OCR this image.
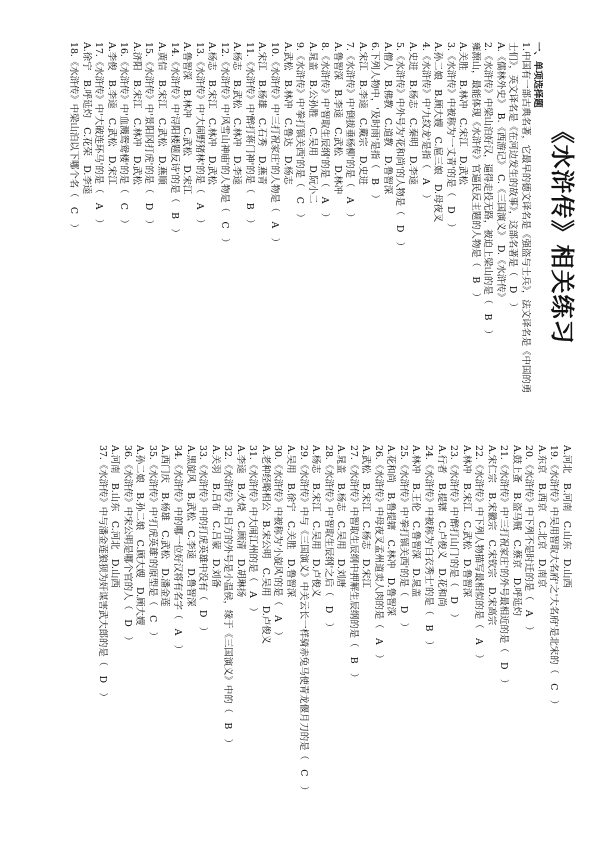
《水浒传》相关练习
一、单项选择题
1.中国有一部古典名著，它最早的德文译名是《强盗与士兵》，法文译名是《中国的勇
士们》，英文译名是《在河边发生的故事》，这部名著是（　D　）
A.《儒林外史》　B.《西游记》　C.《三国演义》　D.《水浒传》
2.《水浒传》中梁山泊好汉，逼得走投无路，被迫上梁山的是（　B　）
雍源山，最能体现《水浒传》官逼民反主题的人物是（　B　）
A.关胜　B.林冲　C.宋江　D.武松
3.《水浒传》中被称为'一丈青'的是（　D　）
A.孙二娘　B.顾大嫂　C.扈三娘　D.母夜叉
4.《水浒传》中'九纹龙'是指（　A　）
A.史进　B.杨志　C.秦明　D.李逵
5.《水浒传》中外号为'花和尚'的人物是（　D　）
A.僧人　B.佛教　C.道教　D.鲁智深
6.下列人物中，'及时雨'是指（　B　）
A.宋江　B.李逵　C.戴宗　D.史进
7.《水浒传》中'倒拔垂杨柳'的是（　A　）
A.鲁智深　B.李逵　C.武松　D.林冲
8.《水浒传》中'智取生辰纲'的是（　A　）
A.晁盖　B.公孙胜　C.吴用　D.阮小二
9.《水浒传》中'拳打镇关西'的是（　C　）
A.武松　B.林冲　C.鲁达　D.杨志
10.《水浒传》中'三打祝家庄'的人物是（　A　）
A.宋江　B.杨雄　C.石秀　D.燕青
11.《水浒传》中'醉打蒋门神'的是（　B　）
A.杨志　B.武松　C.林冲　D.李逵
12.《水浒传》中'风雪山神庙'的人物是（　C　）
A.杨志　B.宋江　C.林冲　D.武松
13.《水浒传》中'大闹野猪林'的是（　A　）
A.鲁智深　B.林冲　C.武松　D.宋江
14.《水浒传》中'浔阳楼题反诗'的是（　B　）
A.黄信　B.宋江　C.武松　D.燕顺
15.《水浒传》中'景阳冈打虎'的是（　D　）
A.济阳　B.宋江　C.林冲　D.武松
16.《水浒传》中'血溅鸳鸯楼'的是（　C　）
A.李俊　B.李逵　C.武松　D.宋江
17.《水浒传》中'大破连环马'的是（　A　）
A.徐宁　B.呼延灼　C.花荣　D.李逵
18.《水浒传》中梁山泊以下哪个名（　C　）
A.河北　B.河南　C.山东　D.山西
19.《水浒传》中吴用智取大名府'之'大名府'是北宋的（　C　）
A.东京　B.西京　C.北京　D.南京
20.《水浒传》中下列不是时迁的是（　A　）
A.鼓上蚤　B.盗马贼　C.蔡京　D.呼延灼
21.《水浒传》中'三打祝家庄'的外号最相近的是（　D　）
A.宋仁宗　B.宋徽宗　C.宋钦宗　D.宋高宗
22.《水浒传》中下列人物描写最相似的是（　A　）
A.林冲　B.宋江　C.武松　D.鲁智深
23.《水浒传》中'醉打山门'的是（　D　）
A.行者　B.提辖　C.卢俊义　D.花和尚
24.《水浒传》中被称为'白衣秀士'的是（　B　）
A.林冲　B.王伦　C.鲁智深　D.晁盖
25.《水浒传》中'拳打镇关西'的是（　D　）
A.花和尚　B.鲁提辖　C.林冲　D.鲁智深
26.《水浒传》中母夜叉孟州道卖人肉的是（　A　）
A.武松　B.宋江　C.杨志　D.宋江
27.《水浒传》中智取生辰纲中押解生辰纲的是（　B　）
A.晁盖　B.杨志　C.吴用　D.刘唐
28.《水浒传》中'智取生辰纲'之后（　D　）
A.杨志　B.宋江　C.吴用　D.卢俊义
29.《水浒传》中与《三国演义》中关云长一样骑赤兔马使青龙偃月刀的是（　C　）
A.吴用　B.徐宁　C.关胜　D.鲁智深
30.《水浒传》中被称为'小旋风'的是（　A　）
A.老种经略相公　B.宋公明　C.吴用　D.卢俊义
31.《水浒传》中大闹江州的是（　A　）
A.李逵　B.火烧　C.顾清　D.胡琳扬
32.《水浒传》中吕方的外号是小温侯，缘于《三国演义》中的（　B　）
A.关羽　B.吕布　C.吕蒙　D.刘备
33.《水浒传》中的打虎英雄中没有（　D　）
A.黑旋风　B.武松　C.李逵　D.鲁智深
34.《水浒传》中的哪一位好汉将有名字（　A　）
A.西门庆　B.杨雄　C.武松　D.潘金莲
35.《水浒传》中'打虎英雄'的原型是（　C　）
A.孙二娘　B.孙二娘　C.顾大嫂　D.顾大嫂
36.《水浒传》中宋公明是哪个官的人（　D　）
A.河南　B.山东　C.河北　D.山西
37.《水浒传》中与潘金莲狼狈为奸谋害武大郎的是（　D　）
